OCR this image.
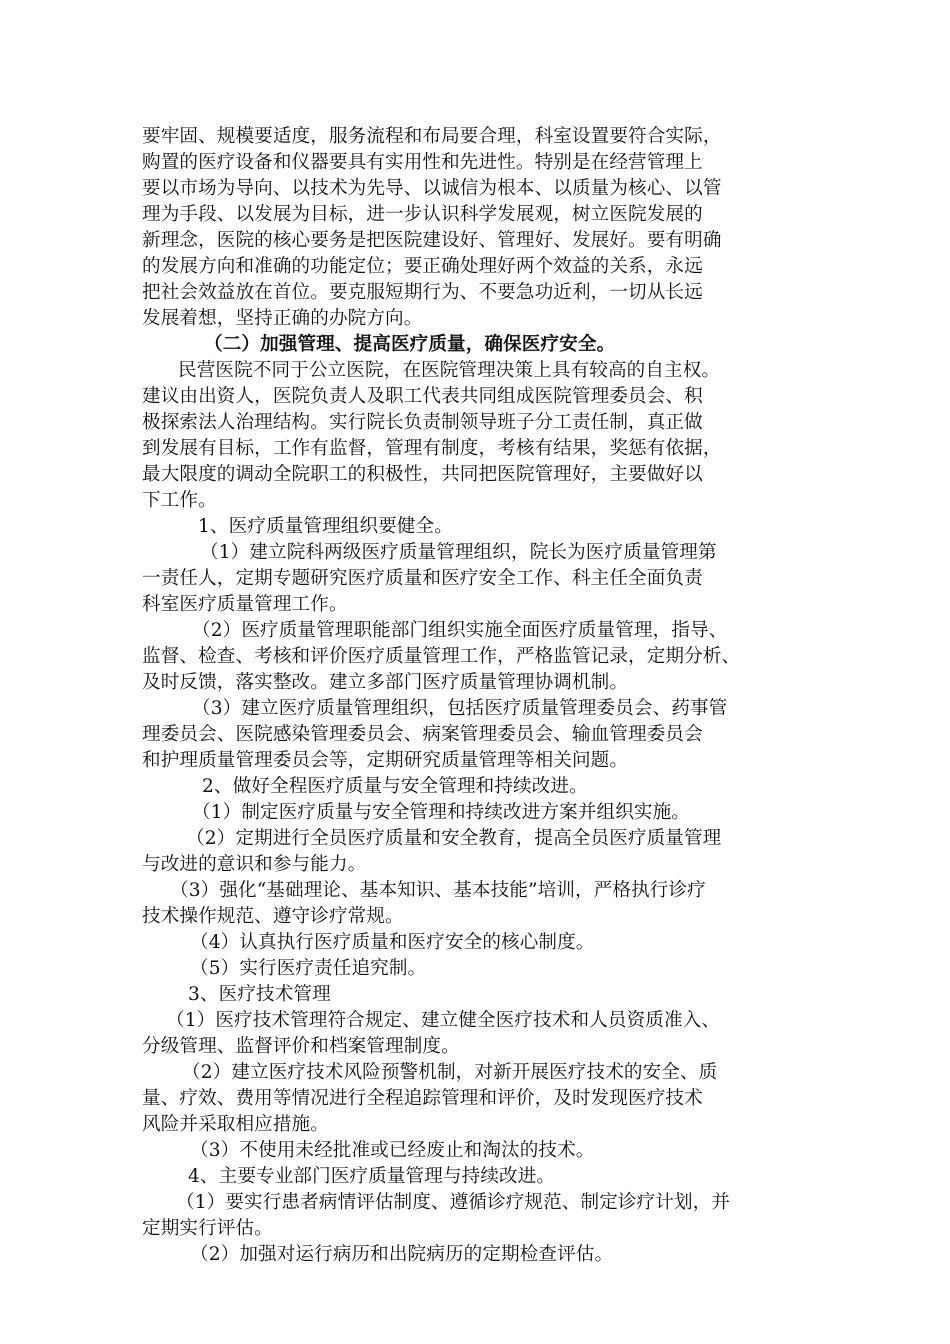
要牢固、规模要适度，服务流程和布局要合理，科室设置要符合实际，
购置的医疗设备和仪器要具有实用性和先进性。特别是在经营管理上
要以市场为导向、以技术为先导、以诚信为根本、以质量为核心、以管
理为手段、以发展为目标，进一步认识科学发展观，树立医院发展的
新理念，医院的核心要务是把医院建设好、管理好、发展好。要有明确
的发展方向和准确的功能定位；要正确处理好两个效益的关系，永远
把社会效益放在首位。要克服短期行为、不要急功近利，一切从长远
发展着想，坚持正确的办院方向。
（二）加强管理、提高医疗质量，确保医疗安全。
民营医院不同于公立医院，在医院管理决策上具有较高的自主权。
建议由出资人，医院负责人及职工代表共同组成医院管理委员会、积
极探索法人治理结构。实行院长负责制领导班子分工责任制，真正做
到发展有目标，工作有监督，管理有制度，考核有结果，奖惩有依据，
最大限度的调动全院职工的积极性，共同把医院管理好，主要做好以
下工作。
1、医疗质量管理组织要健全。
（1）建立院科两级医疗质量管理组织，院长为医疗质量管理第
一责任人，定期专题研究医疗质量和医疗安全工作、科主任全面负责
科室医疗质量管理工作。
（2）医疗质量管理职能部门组织实施全面医疗质量管理，指导、
监督、检查、考核和评价医疗质量管理工作，严格监管记录，定期分析、
及时反馈，落实整改。建立多部门医疗质量管理协调机制。
（3）建立医疗质量管理组织，包括医疗质量管理委员会、药事管
理委员会、医院感染管理委员会、病案管理委员会、输血管理委员会
和护理质量管理委员会等，定期研究质量管理等相关问题。
2、做好全程医疗质量与安全管理和持续改进。
（1）制定医疗质量与安全管理和持续改进方案并组织实施。
（2）定期进行全员医疗质量和安全教育，提高全员医疗质量管理
与改进的意识和参与能力。
（3）强化“基础理论、基本知识、基本技能”培训，严格执行诊疗
技术操作规范、遵守诊疗常规。
（4）认真执行医疗质量和医疗安全的核心制度。
（5）实行医疗责任追究制。
3、医疗技术管理
（1）医疗技术管理符合规定、建立健全医疗技术和人员资质准入、
分级管理、监督评价和档案管理制度。
（2）建立医疗技术风险预警机制，对新开展医疗技术的安全、质
量、疗效、费用等情况进行全程追踪管理和评价，及时发现医疗技术
风险并采取相应措施。
（3）不使用未经批准或已经废止和淘汰的技术。
4、主要专业部门医疗质量管理与持续改进。
（1）要实行患者病情评估制度、遵循诊疗规范、制定诊疗计划，并
定期实行评估。
（2）加强对运行病历和出院病历的定期检查评估。
